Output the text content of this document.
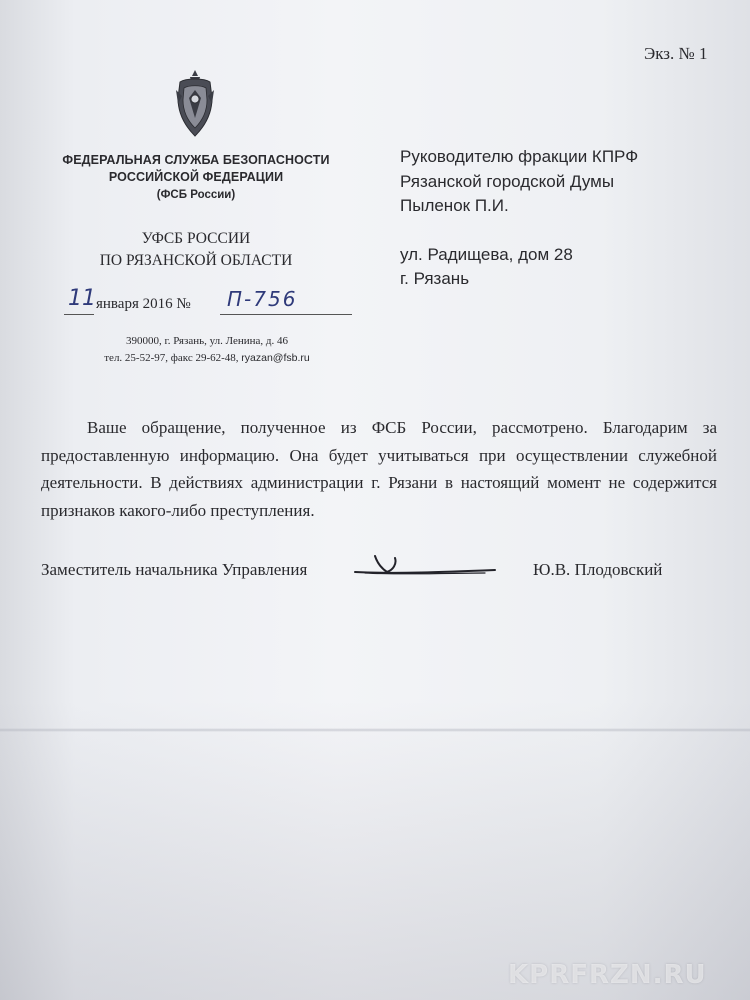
Экз. № 1
ФЕДЕРАЛЬНАЯ СЛУЖБА БЕЗОПАСНОСТИ
РОССИЙСКОЙ ФЕДЕРАЦИИ
(ФСБ России)
УФСБ РОССИИ
ПО РЯЗАНСКОЙ ОБЛАСТИ
11 января 2016 № П-756
390000, г. Рязань, ул. Ленина, д. 46
тел. 25-52-97, факс 29-62-48, ryazan@fsb.ru
Руководителю фракции КПРФ
Рязанской городской Думы
Пыленок П.И.
ул. Радищева, дом 28
г. Рязань
Ваше обращение, полученное из ФСБ России, рассмотрено. Благодарим за предоставленную информацию. Она будет учитываться при осуществлении служебной деятельности. В действиях администрации г. Рязани в настоящий момент не содержится признаков какого-либо преступления.
Заместитель начальника Управления	Ю.В. Плодовский
KPRFRZN.RU
